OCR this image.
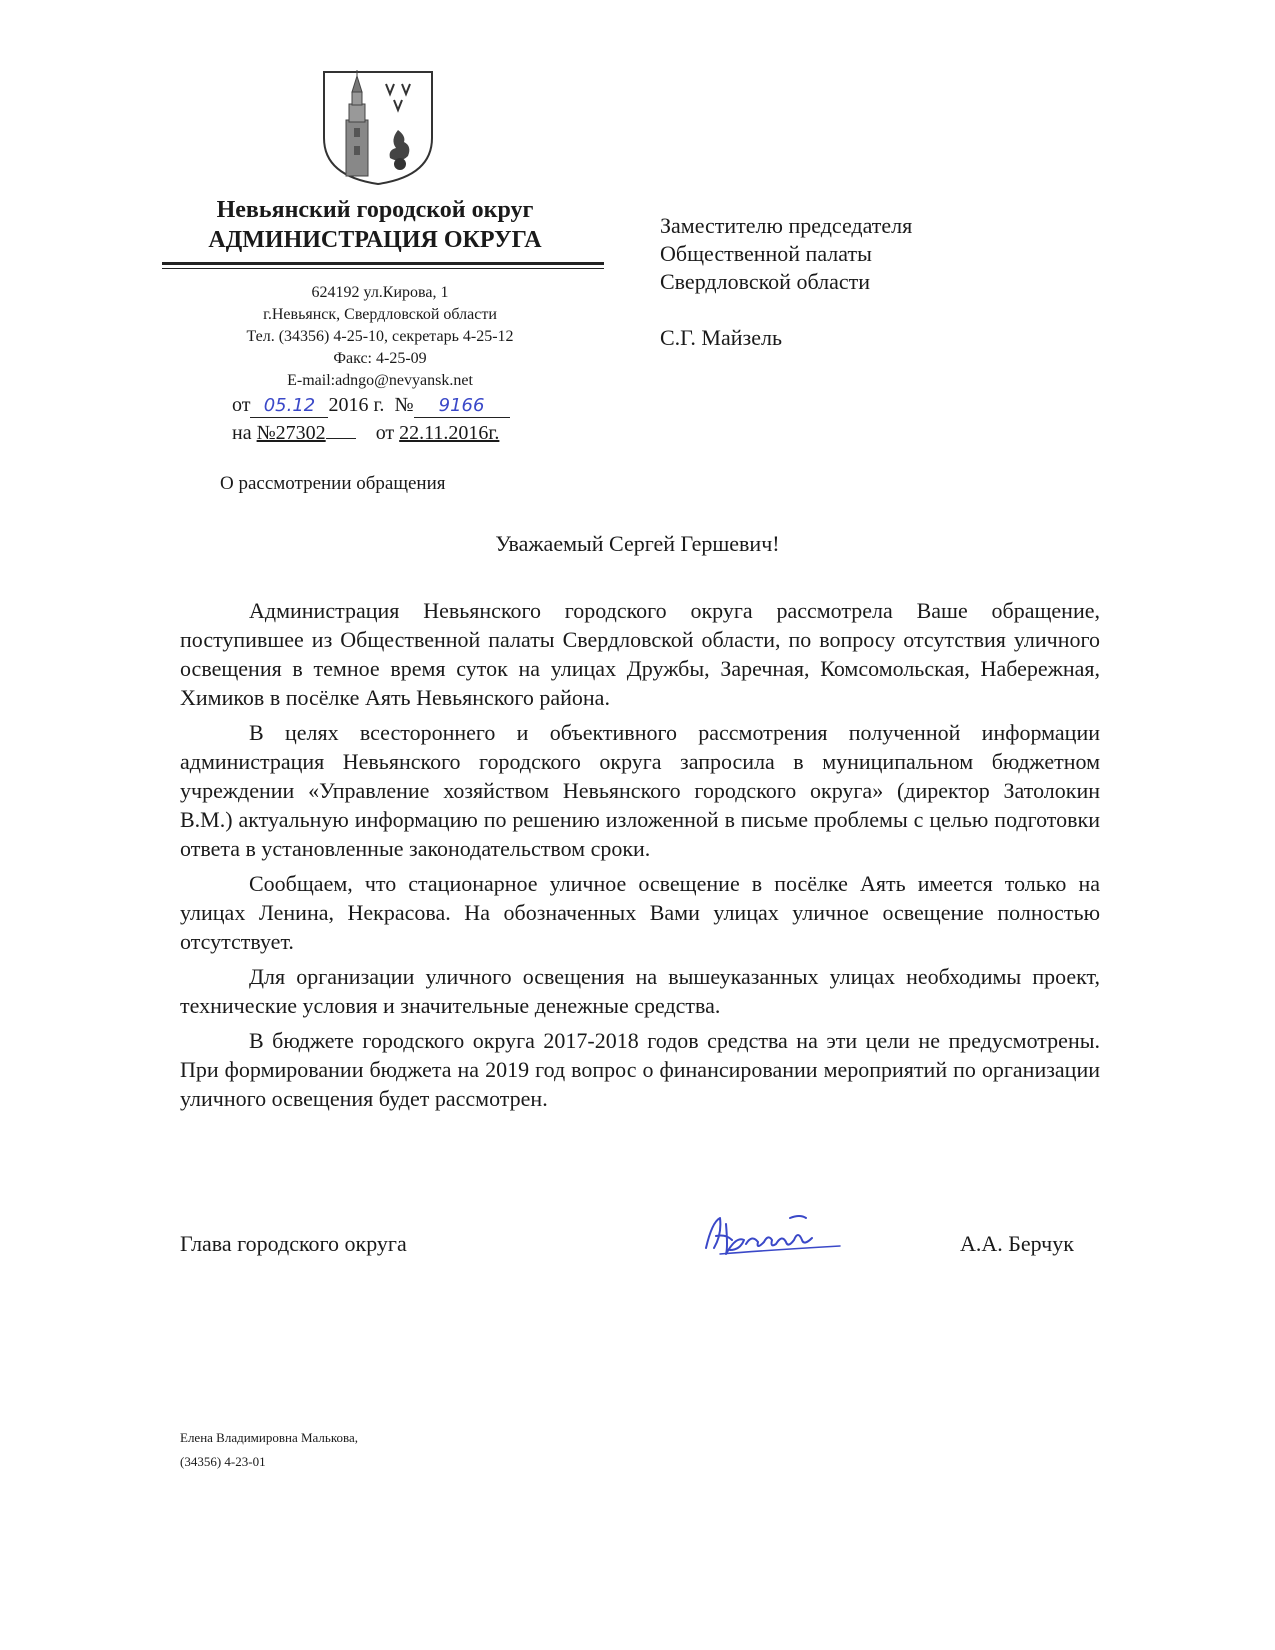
Невьянский городской округ
АДМИНИСТРАЦИЯ ОКРУГА
624192 ул.Кирова, 1
г.Невьянск, Свердловской области
Тел. (34356) 4-25-10, секретарь 4-25-12
Факс: 4-25-09
E-mail:adngo@nevyansk.net
от 05.12 2016 г. № 9166
на №27302	от 22.11.2016г.
О рассмотрении обращения
Заместителю председателя
Общественной палаты
Свердловской области
С.Г. Майзель
Уважаемый Сергей Гершевич!

Администрация Невьянского городского округа рассмотрела Ваше обращение, поступившее из Общественной палаты Свердловской области, по вопросу отсутствия уличного освещения в темное время суток на улицах Дружбы, Заречная, Комсомольская, Набережная, Химиков в посёлке Аять Невьянского района.

В целях всестороннего и объективного рассмотрения полученной информации администрация Невьянского городского округа запросила в муниципальном бюджетном учреждении «Управление хозяйством Невьянского городского округа» (директор Затолокин В.М.) актуальную информацию по решению изложенной в письме проблемы с целью подготовки ответа в установленные законодательством сроки.

Сообщаем, что стационарное уличное освещение в посёлке Аять имеется только на улицах Ленина, Некрасова. На обозначенных Вами улицах уличное освещение полностью отсутствует.

Для организации уличного освещения на вышеуказанных улицах необходимы проект, технические условия и значительные денежные средства.

В бюджете городского округа 2017-2018 годов средства на эти цели не предусмотрены. При формировании бюджета на 2019 год вопрос о финансировании мероприятий по организации уличного освещения будет рассмотрен.

Глава городского округа	А.А. Берчук
Елена Владимировна Малькова,
(34356) 4-23-01
